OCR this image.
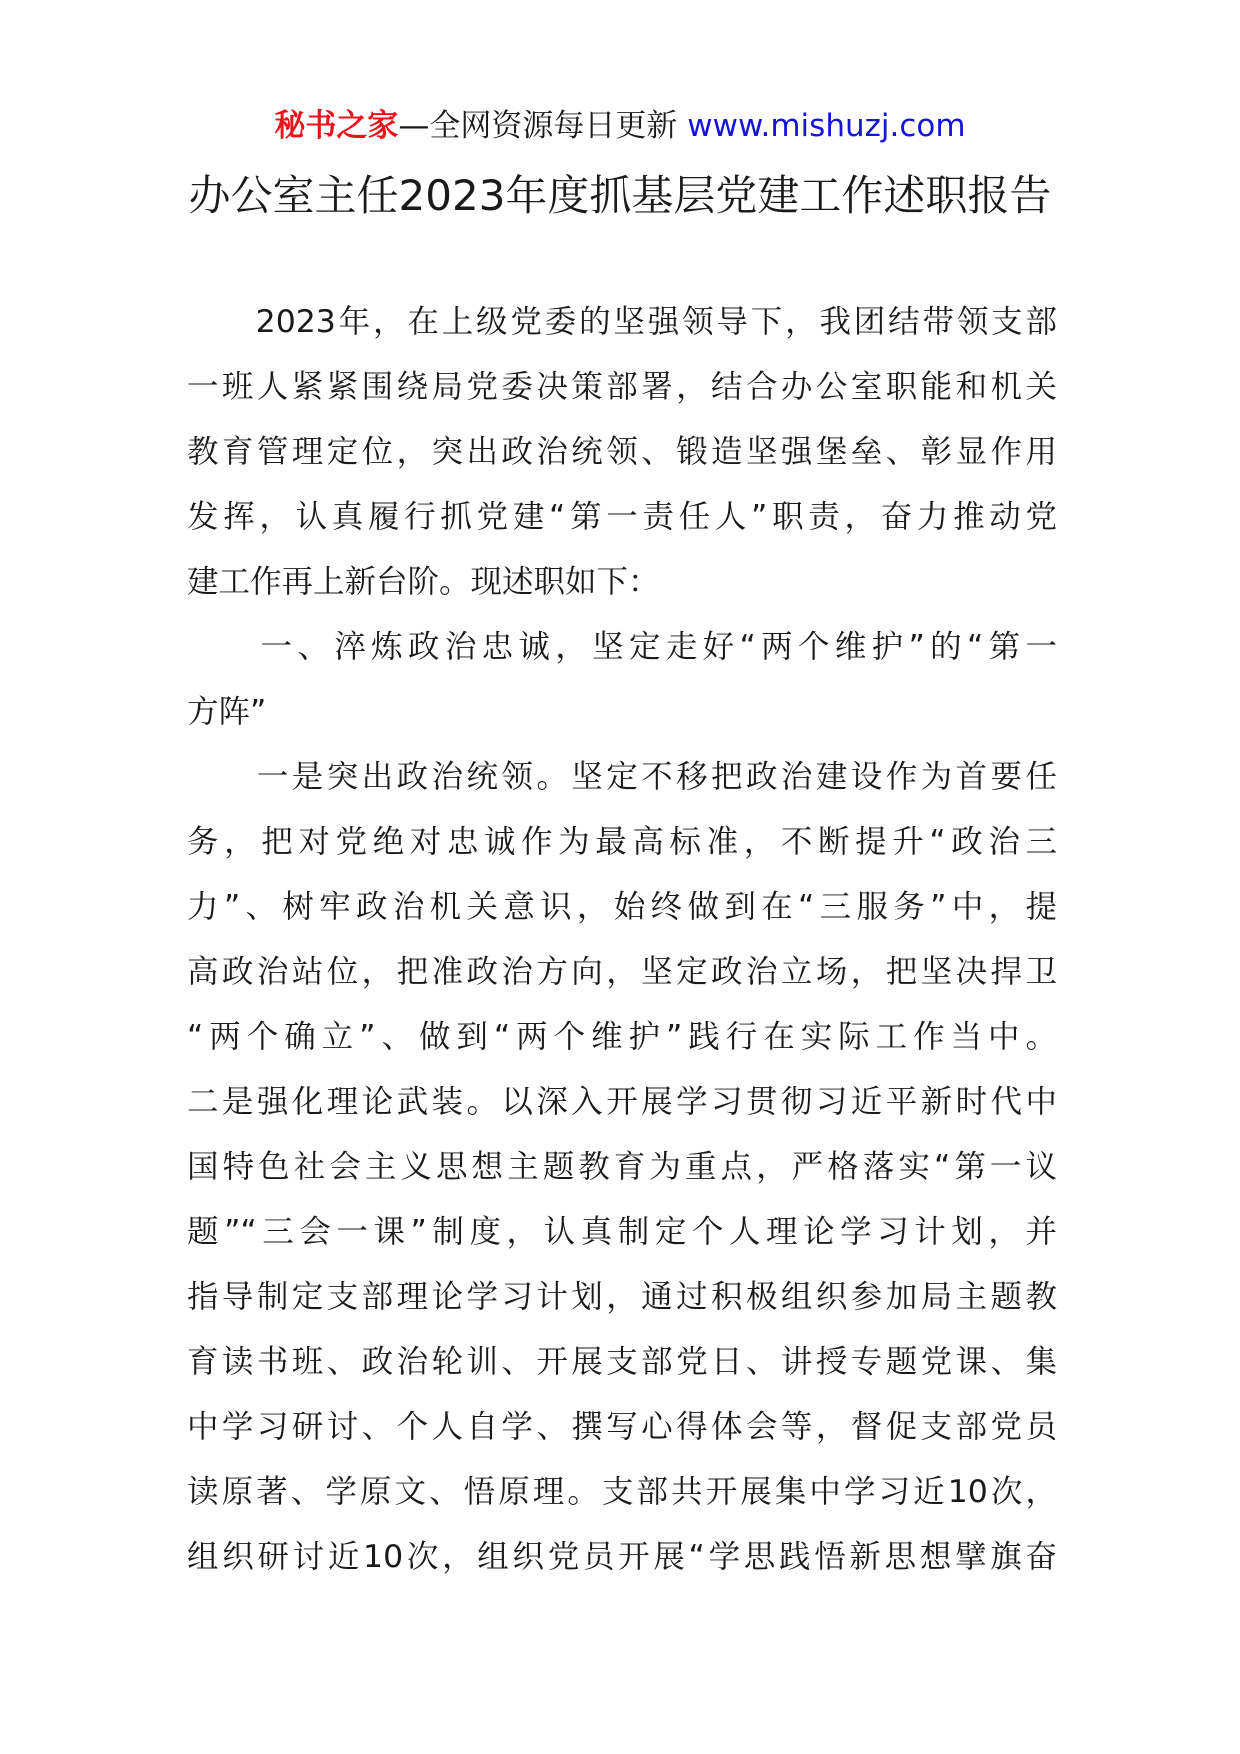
秘书之家—全网资源每日更新 www.mishuzj.com
办公室主任2023年度抓基层党建工作述职报告
　　2023年，在上级党委的坚强领导下，我团结带领支部
一班人紧紧围绕局党委决策部署，结合办公室职能和机关
教育管理定位，突出政治统领、锻造坚强堡垒、彰显作用
发挥，认真履行抓党建“第一责任人”职责，奋力推动党
建工作再上新台阶。现述职如下：
　　一、淬炼政治忠诚，坚定走好“两个维护”的“第一
方阵”
　　一是突出政治统领。坚定不移把政治建设作为首要任
务，把对党绝对忠诚作为最高标准，不断提升“政治三
力”、树牢政治机关意识，始终做到在“三服务”中，提
高政治站位，把准政治方向，坚定政治立场，把坚决捍卫
“两个确立”、做到“两个维护”践行在实际工作当中。
二是强化理论武装。以深入开展学习贯彻习近平新时代中
国特色社会主义思想主题教育为重点，严格落实“第一议
题”“三会一课”制度，认真制定个人理论学习计划，并
指导制定支部理论学习计划，通过积极组织参加局主题教
育读书班、政治轮训、开展支部党日、讲授专题党课、集
中学习研讨、个人自学、撰写心得体会等，督促支部党员
读原著、学原文、悟原理。支部共开展集中学习近10次，
组织研讨近10次，组织党员开展“学思践悟新思想擘旗奋
